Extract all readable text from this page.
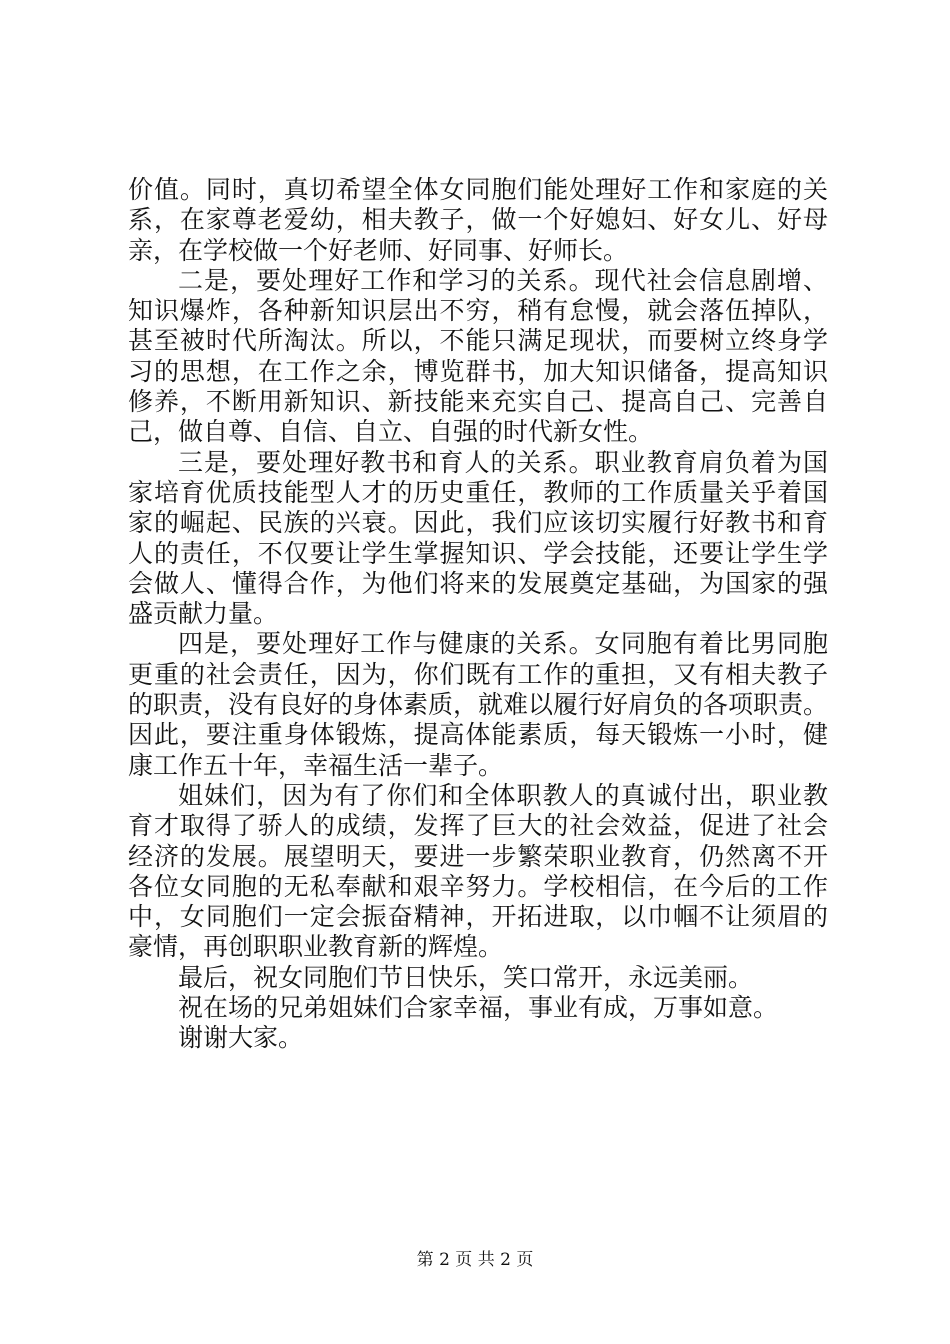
价值。同时，真切希望全体女同胞们能处理好工作和家庭的关
系，在家尊老爱幼，相夫教子，做一个好媳妇、好女儿、好母
亲，在学校做一个好老师、好同事、好师长。
二是，要处理好工作和学习的关系。现代社会信息剧增、
知识爆炸，各种新知识层出不穷，稍有怠慢，就会落伍掉队，
甚至被时代所淘汰。所以，不能只满足现状，而要树立终身学
习的思想，在工作之余，博览群书，加大知识储备，提高知识
修养，不断用新知识、新技能来充实自己、提高自己、完善自
己，做自尊、自信、自立、自强的时代新女性。
三是，要处理好教书和育人的关系。职业教育肩负着为国
家培育优质技能型人才的历史重任，教师的工作质量关乎着国
家的崛起、民族的兴衰。因此，我们应该切实履行好教书和育
人的责任，不仅要让学生掌握知识、学会技能，还要让学生学
会做人、懂得合作，为他们将来的发展奠定基础，为国家的强
盛贡献力量。
四是，要处理好工作与健康的关系。女同胞有着比男同胞
更重的社会责任，因为，你们既有工作的重担，又有相夫教子
的职责，没有良好的身体素质，就难以履行好肩负的各项职责。
因此，要注重身体锻炼，提高体能素质，每天锻炼一小时，健
康工作五十年，幸福生活一辈子。
姐妹们，因为有了你们和全体职教人的真诚付出，职业教
育才取得了骄人的成绩，发挥了巨大的社会效益，促进了社会
经济的发展。展望明天，要进一步繁荣职业教育，仍然离不开
各位女同胞的无私奉献和艰辛努力。学校相信，在今后的工作
中，女同胞们一定会振奋精神，开拓进取，以巾帼不让须眉的
豪情，再创职职业教育新的辉煌。
最后，祝女同胞们节日快乐，笑口常开，永远美丽。
祝在场的兄弟姐妹们合家幸福，事业有成，万事如意。
谢谢大家。
第 2 页 共 2 页
